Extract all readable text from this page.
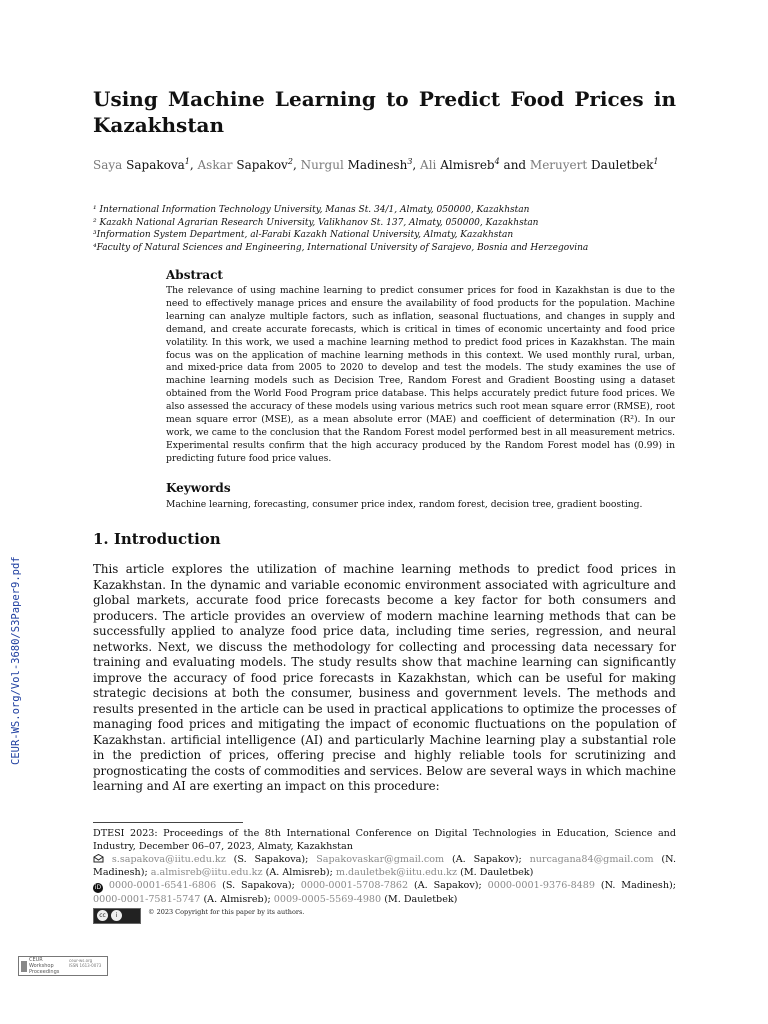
Using Machine Learning to Predict Food Prices in Kazakhstan
Saya Sapakova$^1$, Askar Sapakov$^2$, Nurgul Madinesh$^3$, Ali Almisreb$^4$ and Meruyert Dauletbek$^1$
¹ International Information Technology University, Manas St. 34/1, Almaty, 050000, Kazakhstan
² Kazakh National Agrarian Research University, Valikhanov St. 137, Almaty, 050000, Kazakhstan
³Information System Department, al-Farabi Kazakh National University, Almaty, Kazakhstan
⁴Faculty of Natural Sciences and Engineering, International University of Sarajevo, Bosnia and Herzegovina
Abstract
The relevance of using machine learning to predict consumer prices for food in Kazakhstan is due to the need to effectively manage prices and ensure the availability of food products for the population. Machine learning can analyze multiple factors, such as inflation, seasonal fluctuations, and changes in supply and demand, and create accurate forecasts, which is critical in times of economic uncertainty and food price volatility. In this work, we used a machine learning method to predict food prices in Kazakhstan. The main focus was on the application of machine learning methods in this context. We used monthly rural, urban, and mixed-price data from 2005 to 2020 to develop and test the models. The study examines the use of machine learning models such as Decision Tree, Random Forest and Gradient Boosting using a dataset obtained from the World Food Program price database. This helps accurately predict future food prices. We also assessed the accuracy of these models using various metrics such root mean square error (RMSE), root mean square error (MSE), as a mean absolute error (MAE) and coefficient of determination (R²). In our work, we came to the conclusion that the Random Forest model performed best in all measurement metrics. Experimental results confirm that the high accuracy produced by the Random Forest model has (0.99) in predicting future food price values.
Keywords
Machine learning, forecasting, consumer price index, random forest, decision tree, gradient boosting.
1. Introduction
This article explores the utilization of machine learning methods to predict food prices in Kazakhstan. In the dynamic and variable economic environment associated with agriculture and global markets, accurate food price forecasts become a key factor for both consumers and producers. The article provides an overview of modern machine learning methods that can be successfully applied to analyze food price data, including time series, regression, and neural networks. Next, we discuss the methodology for collecting and processing data necessary for training and evaluating models. The study results show that machine learning can significantly improve the accuracy of food price forecasts in Kazakhstan, which can be useful for making strategic decisions at both the consumer, business and government levels. The methods and results presented in the article can be used in practical applications to optimize the processes of managing food prices and mitigating the impact of economic fluctuations on the population of Kazakhstan. artificial intelligence (AI) and particularly Machine learning play a substantial role in the prediction of prices, offering precise and highly reliable tools for scrutinizing and prognosticating the costs of commodities and services. Below are several ways in which machine learning and AI are exerting an impact on this procedure:
CEUR-WS.org/Vol-3680/S3Paper9.pdf
DTESI 2023: Proceedings of the 8th International Conference on Digital Technologies in Education, Science and Industry, December 06–07, 2023, Almaty, Kazakhstan
s.sapakova@iitu.edu.kz (S. Sapakova); Sapakovaskar@gmail.com (A. Sapakov); nurcagana84@gmail.com (N. Madinesh); a.almisreb@iitu.edu.kz (A. Almisreb); m.dauletbek@iitu.edu.kz (M. Dauletbek)
iD 0000-0001-6541-6806 (S. Sapakova); 0000-0001-5708-7862 (A. Sapakov); 0000-0001-9376-8489 (N. Madinesh); 0000-0001-7581-5747 (A. Almisreb); 0009-0005-5569-4980 (M. Dauletbek)
cc	i	© 2023 Copyright for this paper by its authors.
CEUR
Workshop
Proceedings
ceur-ws.org
ISSN 1613-0073
